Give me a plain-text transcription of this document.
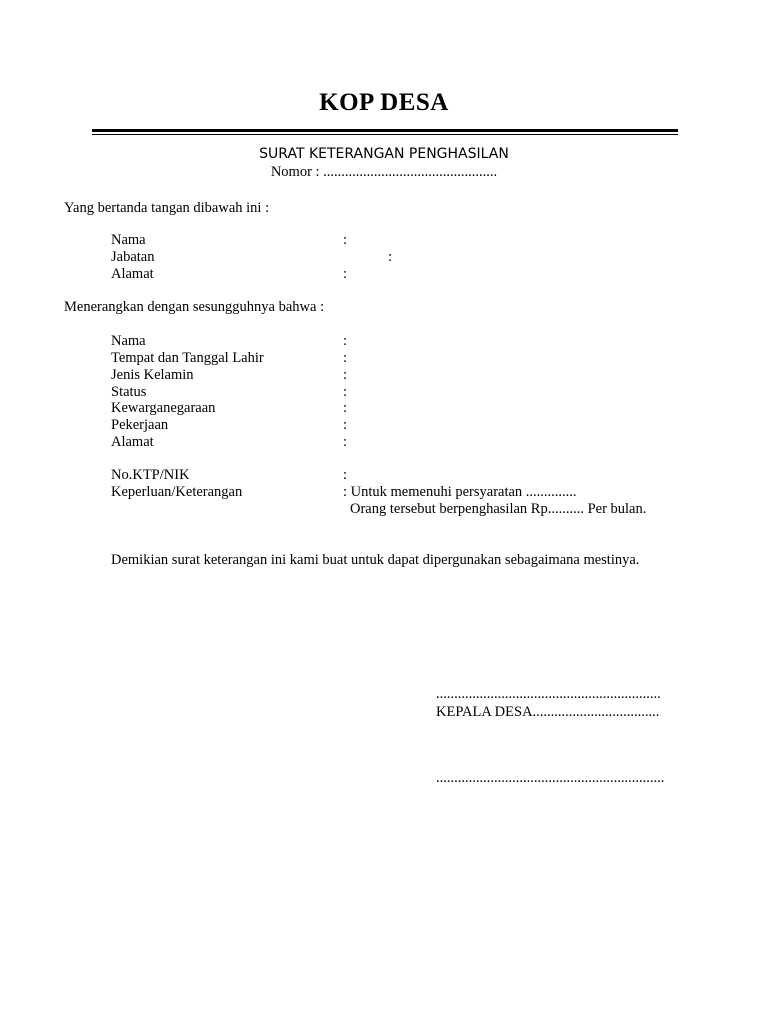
KOP DESA
SURAT KETERANGAN PENGHASILAN
Nomor : ................................................
Yang bertanda tangan dibawah ini :
Nama	:
Jabatan	:
Alamat	:
Menerangkan dengan sesungguhnya bahwa :
Nama	:
Tempat dan Tanggal Lahir	:
Jenis Kelamin	:
Status	:
Kewarganegaraan	:
Pekerjaan	:
Alamat	:
No.KTP/NIK	:
Keperluan/Keterangan	: Untuk memenuhi persyaratan ..............
Orang tersebut berpenghasilan Rp.......... Per bulan.
Demikian surat keterangan ini kami buat untuk dapat dipergunakan sebagaimana mestinya.
..............................................................
KEPALA DESA...................................
...............................................................
